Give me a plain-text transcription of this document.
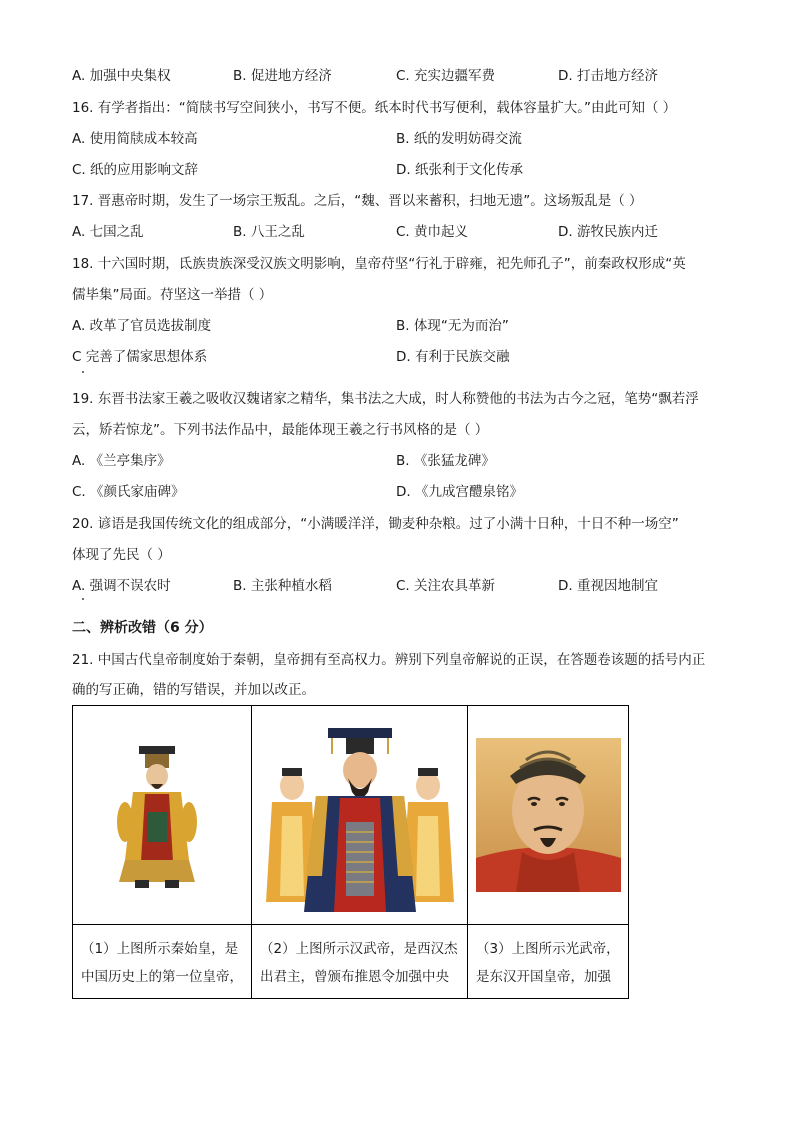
A. 加强中央集权	B. 促进地方经济	C. 充实边疆军费	D. 打击地方经济
16. 有学者指出：“简牍书写空间狭小，书写不便。纸本时代书写便利，载体容量扩大。”由此可知（ ）
A. 使用简牍成本较高	B. 纸的发明妨碍交流
C. 纸的应用影响文辞	D. 纸张利于文化传承
17. 晋惠帝时期，发生了一场宗王叛乱。之后，“魏、晋以来蓄积，扫地无遗”。这场叛乱是（ ）
A. 七国之乱	B. 八王之乱	C. 黄巾起义	D. 游牧民族内迁
18. 十六国时期，氐族贵族深受汉族文明影响，皇帝苻坚“行礼于辟雍，祀先师孔子”，前秦政权形成“英
儒毕集”局面。苻坚这一举措（ ）
A. 改革了官员选拔制度	B. 体现“无为而治”
C 完善了儒家思想体系	D. 有利于民族交融
19. 东晋书法家王羲之吸收汉魏诸家之精华，集书法之大成，时人称赞他的书法为古今之冠，笔势“飘若浮
云，矫若惊龙”。下列书法作品中，最能体现王羲之行书风格的是（ ）
A. 《兰亭集序》	B. 《张猛龙碑》
C. 《颜氏家庙碑》	D. 《九成宫醴泉铭》
20. 谚语是我国传统文化的组成部分，“小满暖洋洋，锄麦种杂粮。过了小满十日种，十日不种一场空”
体现了先民（ ）
A. 强调不误农时	B. 主张种植水稻	C. 关注农具革新	D. 重视因地制宜
二、辨析改错（6 分）
21. 中国古代皇帝制度始于秦朝，皇帝拥有至高权力。辨别下列皇帝解说的正误，在答题卷该题的括号内正
确的写正确，错的写错误，并加以改正。

（1）上图所示秦始皇，是中国历史上的第一位皇帝，	（2）上图所示汉武帝，是西汉杰出君主，曾颁布推恩令加强中央	（3）上图所示光武帝，是东汉开国皇帝，加强
